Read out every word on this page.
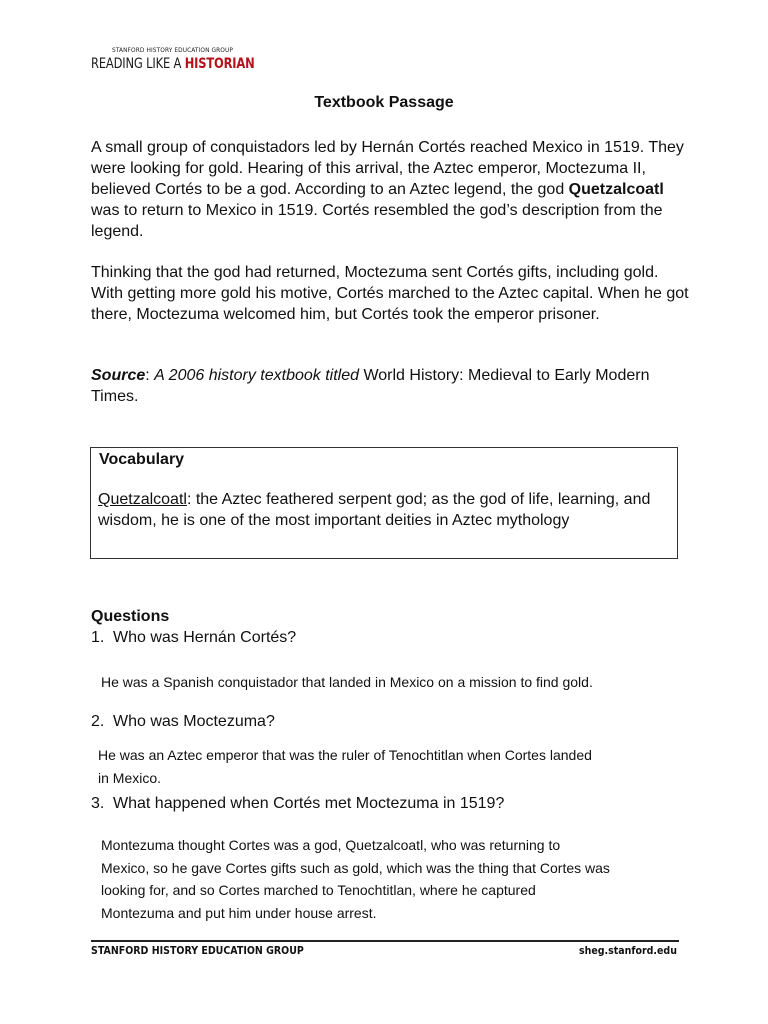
STANFORD HISTORY EDUCATION GROUP
READING LIKE A HISTORIAN
Textbook Passage
A small group of conquistadors led by Hernán Cortés reached Mexico in 1519. They were looking for gold. Hearing of this arrival, the Aztec emperor, Moctezuma II, believed Cortés to be a god. According to an Aztec legend, the god Quetzalcoatl was to return to Mexico in 1519. Cortés resembled the god’s description from the legend.
Thinking that the god had returned, Moctezuma sent Cortés gifts, including gold. With getting more gold his motive, Cortés marched to the Aztec capital. When he got there, Moctezuma welcomed him, but Cortés took the emperor prisoner.
Source: A 2006 history textbook titled World History: Medieval to Early Modern Times.
Vocabulary
Quetzalcoatl: the Aztec feathered serpent god; as the god of life, learning, and wisdom, he is one of the most important deities in Aztec mythology
Questions
1. Who was Hernán Cortés?
He was a Spanish conquistador that landed in Mexico on a mission to find gold.
2. Who was Moctezuma?
He was an Aztec emperor that was the ruler of Tenochtitlan when Cortes landed in Mexico.
3. What happened when Cortés met Moctezuma in 1519?
Montezuma thought Cortes was a god, Quetzalcoatl, who was returning to Mexico, so he gave Cortes gifts such as gold, which was the thing that Cortes was looking for, and so Cortes marched to Tenochtitlan, where he captured Montezuma and put him under house arrest.
STANFORD HISTORY EDUCATION GROUP	sheg.stanford.edu
